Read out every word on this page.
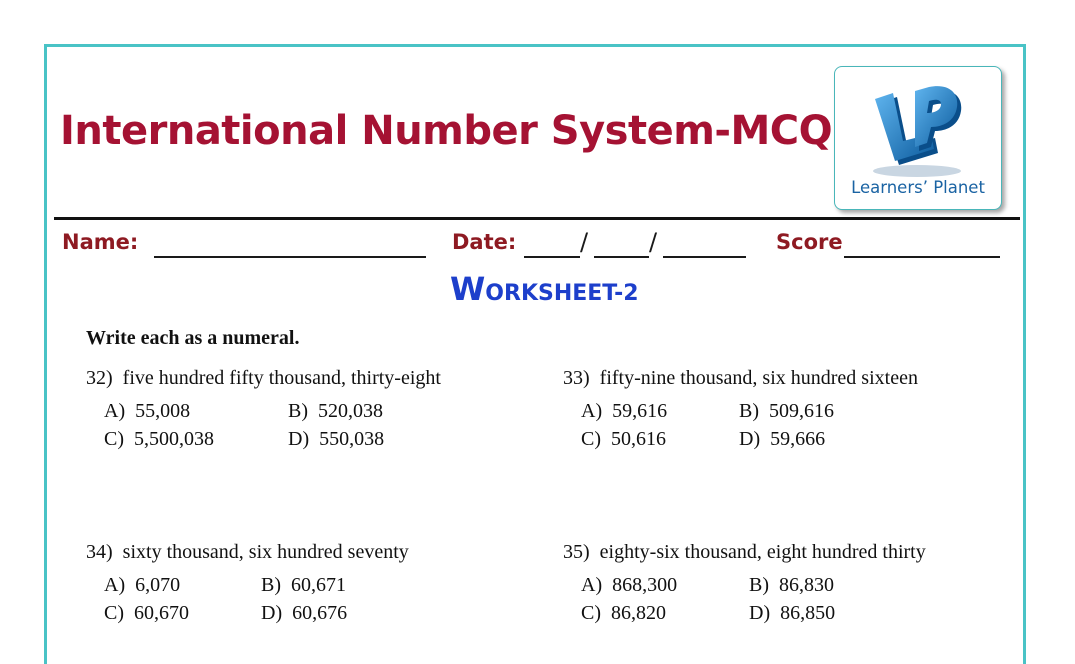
International Number System-MCQ
Learners’ Planet
Name:	Date:	/	/	Score
WORKSHEET-2
Write each as a numeral.
32) five hundred fifty thousand, thirty-eight
A) 55,008	B) 520,038
C) 5,500,038	D) 550,038
33) fifty-nine thousand, six hundred sixteen
A) 59,616	B) 509,616
C) 50,616	D) 59,666
34) sixty thousand, six hundred seventy
A) 6,070	B) 60,671
C) 60,670	D) 60,676
35) eighty-six thousand, eight hundred thirty
A) 868,300	B) 86,830
C) 86,820	D) 86,850
